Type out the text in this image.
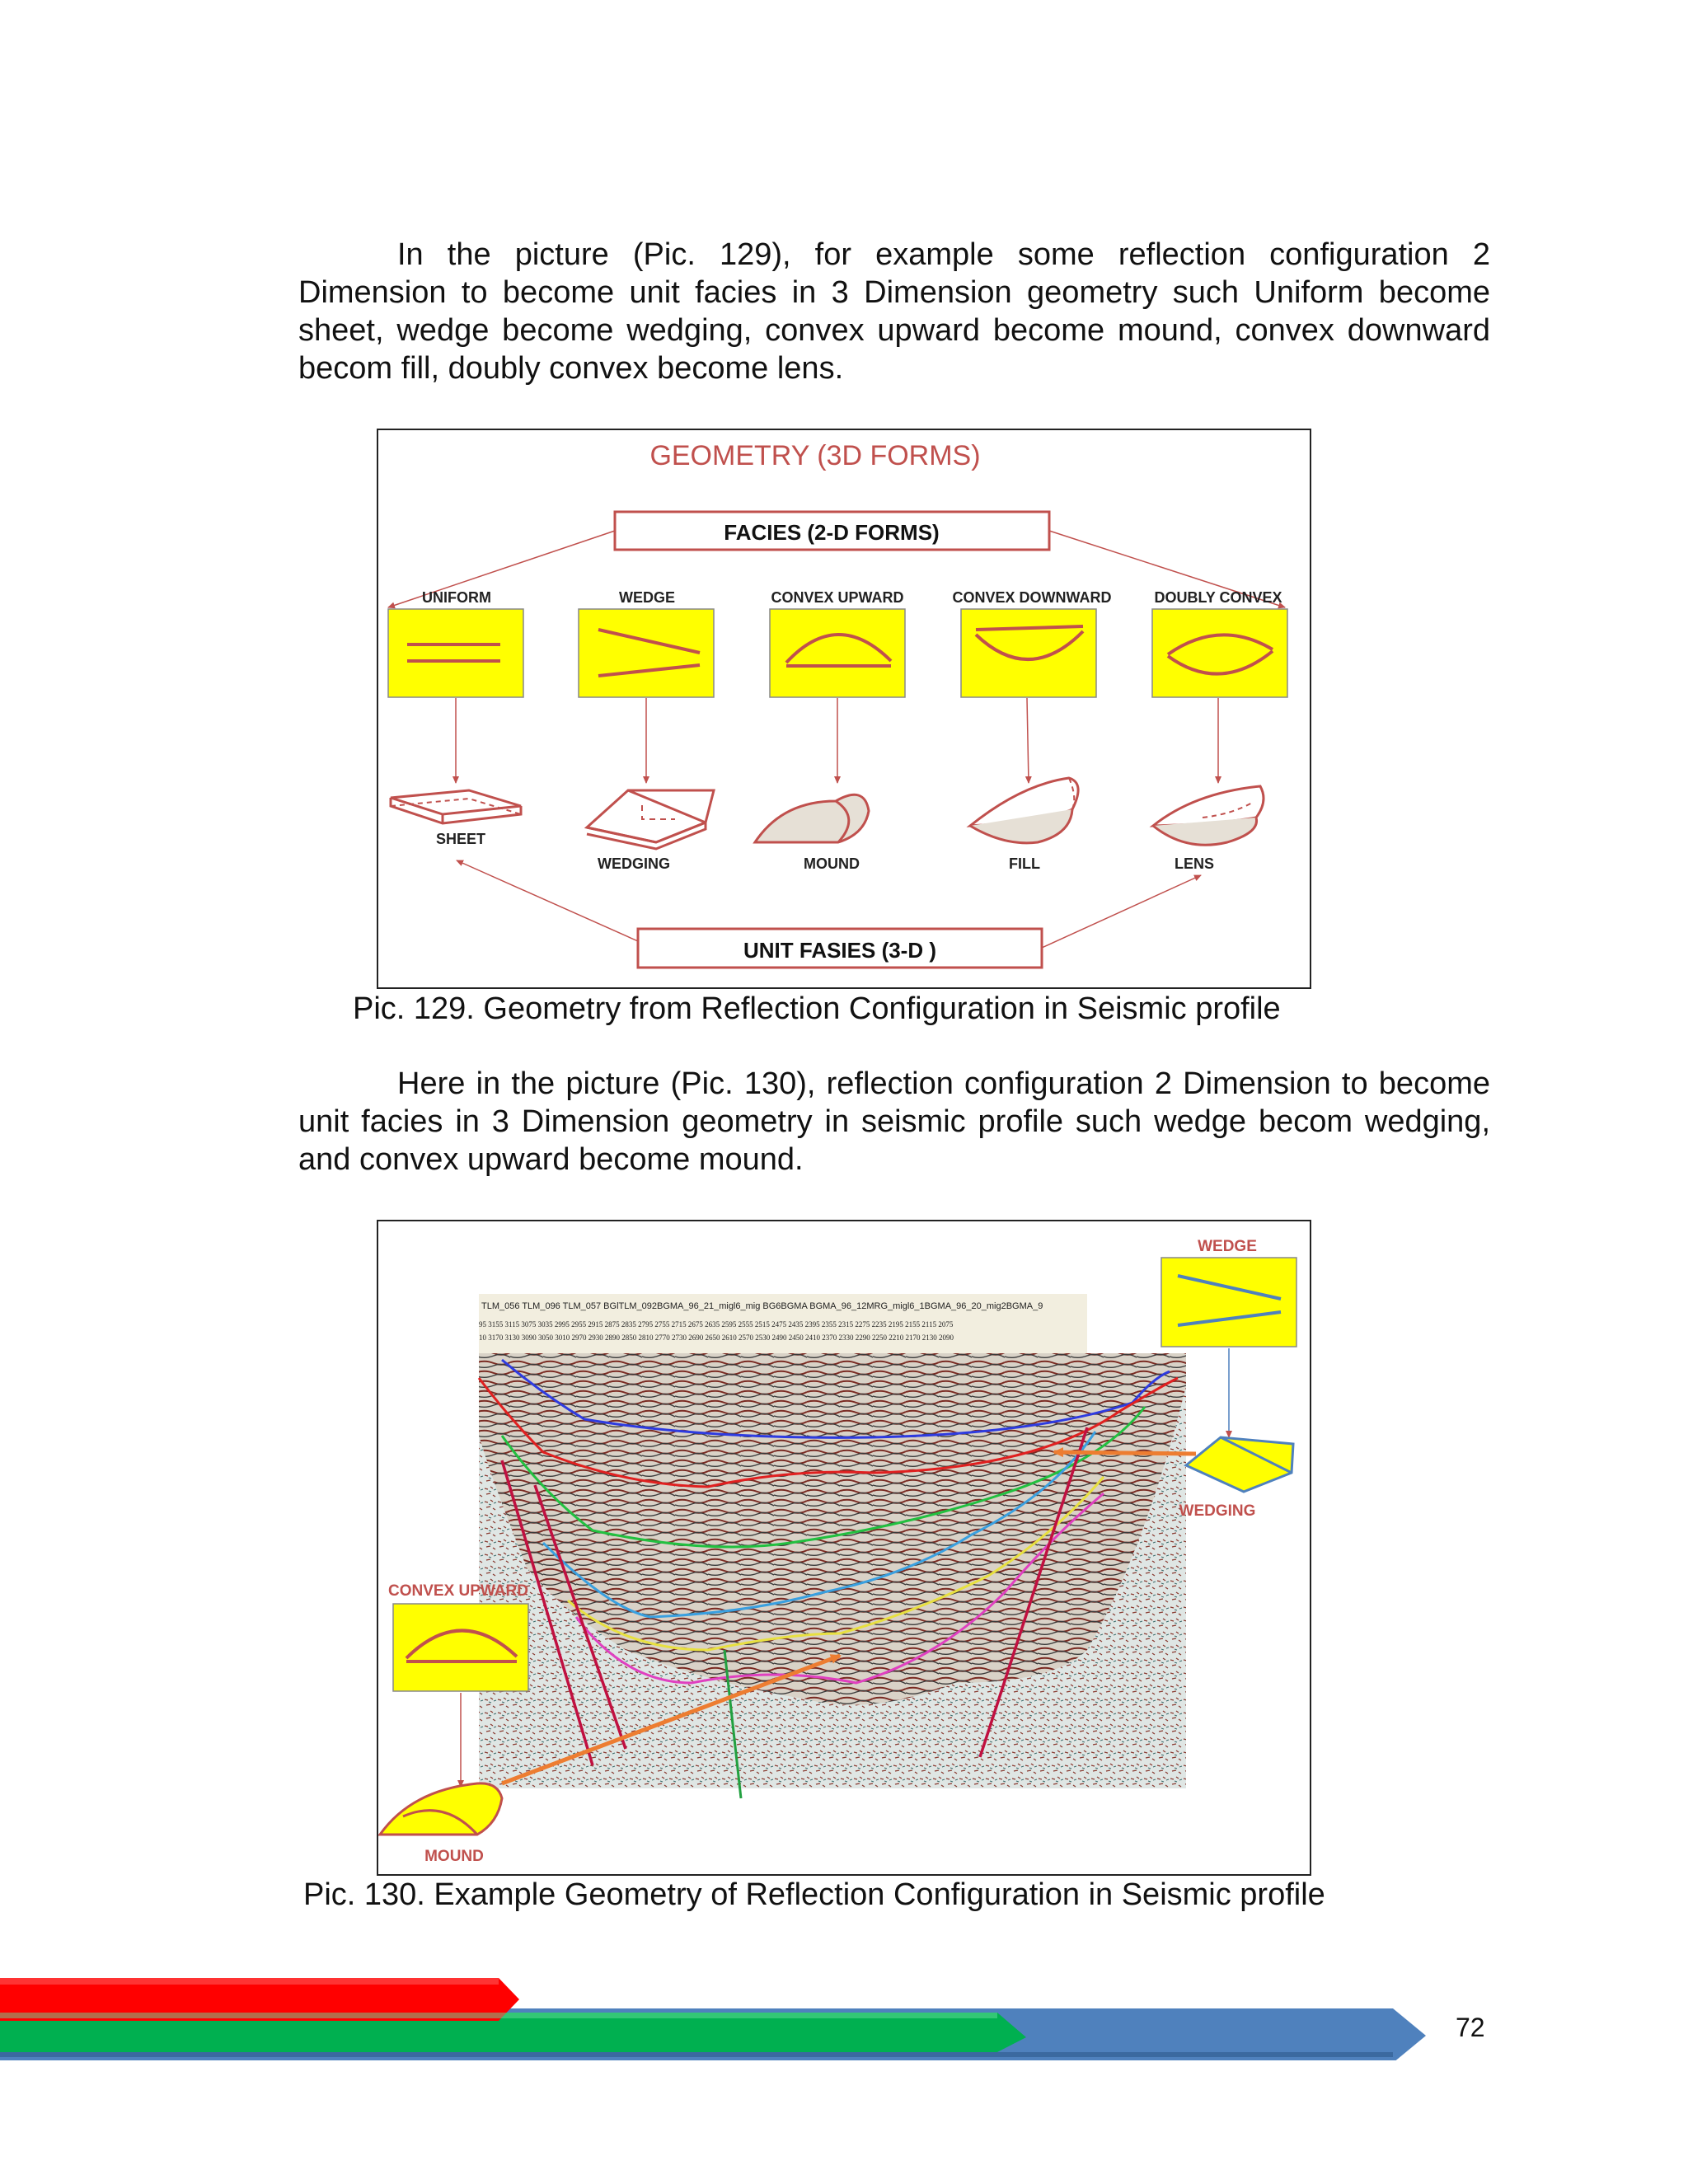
In the picture (Pic. 129), for example some reflection configuration 2 Dimension to become unit facies in 3 Dimension geometry such Uniform become sheet, wedge become wedging, convex upward become mound, convex downward becom fill, doubly convex become lens.

GEOMETRY (3D FORMS)
FACIES (2-D FORMS)
UNIFORM	WEDGE	CONVEX UPWARD	CONVEX DOWNWARD	DOUBLY CONVEX
SHEET
WEDGING	MOUND	FILL	LENS
UNIT FASIES (3-D )

Pic. 129. Geometry from Reflection Configuration in Seismic profile

Here in the picture (Pic. 130), reflection configuration 2 Dimension to become unit facies in 3 Dimension geometry in seismic profile such wedge becom wedging, and convex upward become mound.

TLM_056 TLM_096 TLM_057 BGlTLM_092BGMA_96_21_migl6_mig BG6BGMA BGMA_96_12MRG_migl6_1BGMA_96_20_mig2BGMA_9
95 3155 3115 3075 3035 2995 2955 2915 2875 2835 2795 2755 2715 2675 2635 2595 2555 2515 2475 2435 2395 2355 2315 2275 2235 2195 2155 2115 2075
10 3170 3130 3090 3050 3010 2970 2930 2890 2850 2810 2770 2730 2690 2650 2610 2570 2530 2490 2450 2410 2370 2330 2290 2250 2210 2170 2130 2090
WEDGE
WEDGING
CONVEX UPWARD
MOUND

Pic. 130. Example Geometry of Reflection Configuration in Seismic profile

72
